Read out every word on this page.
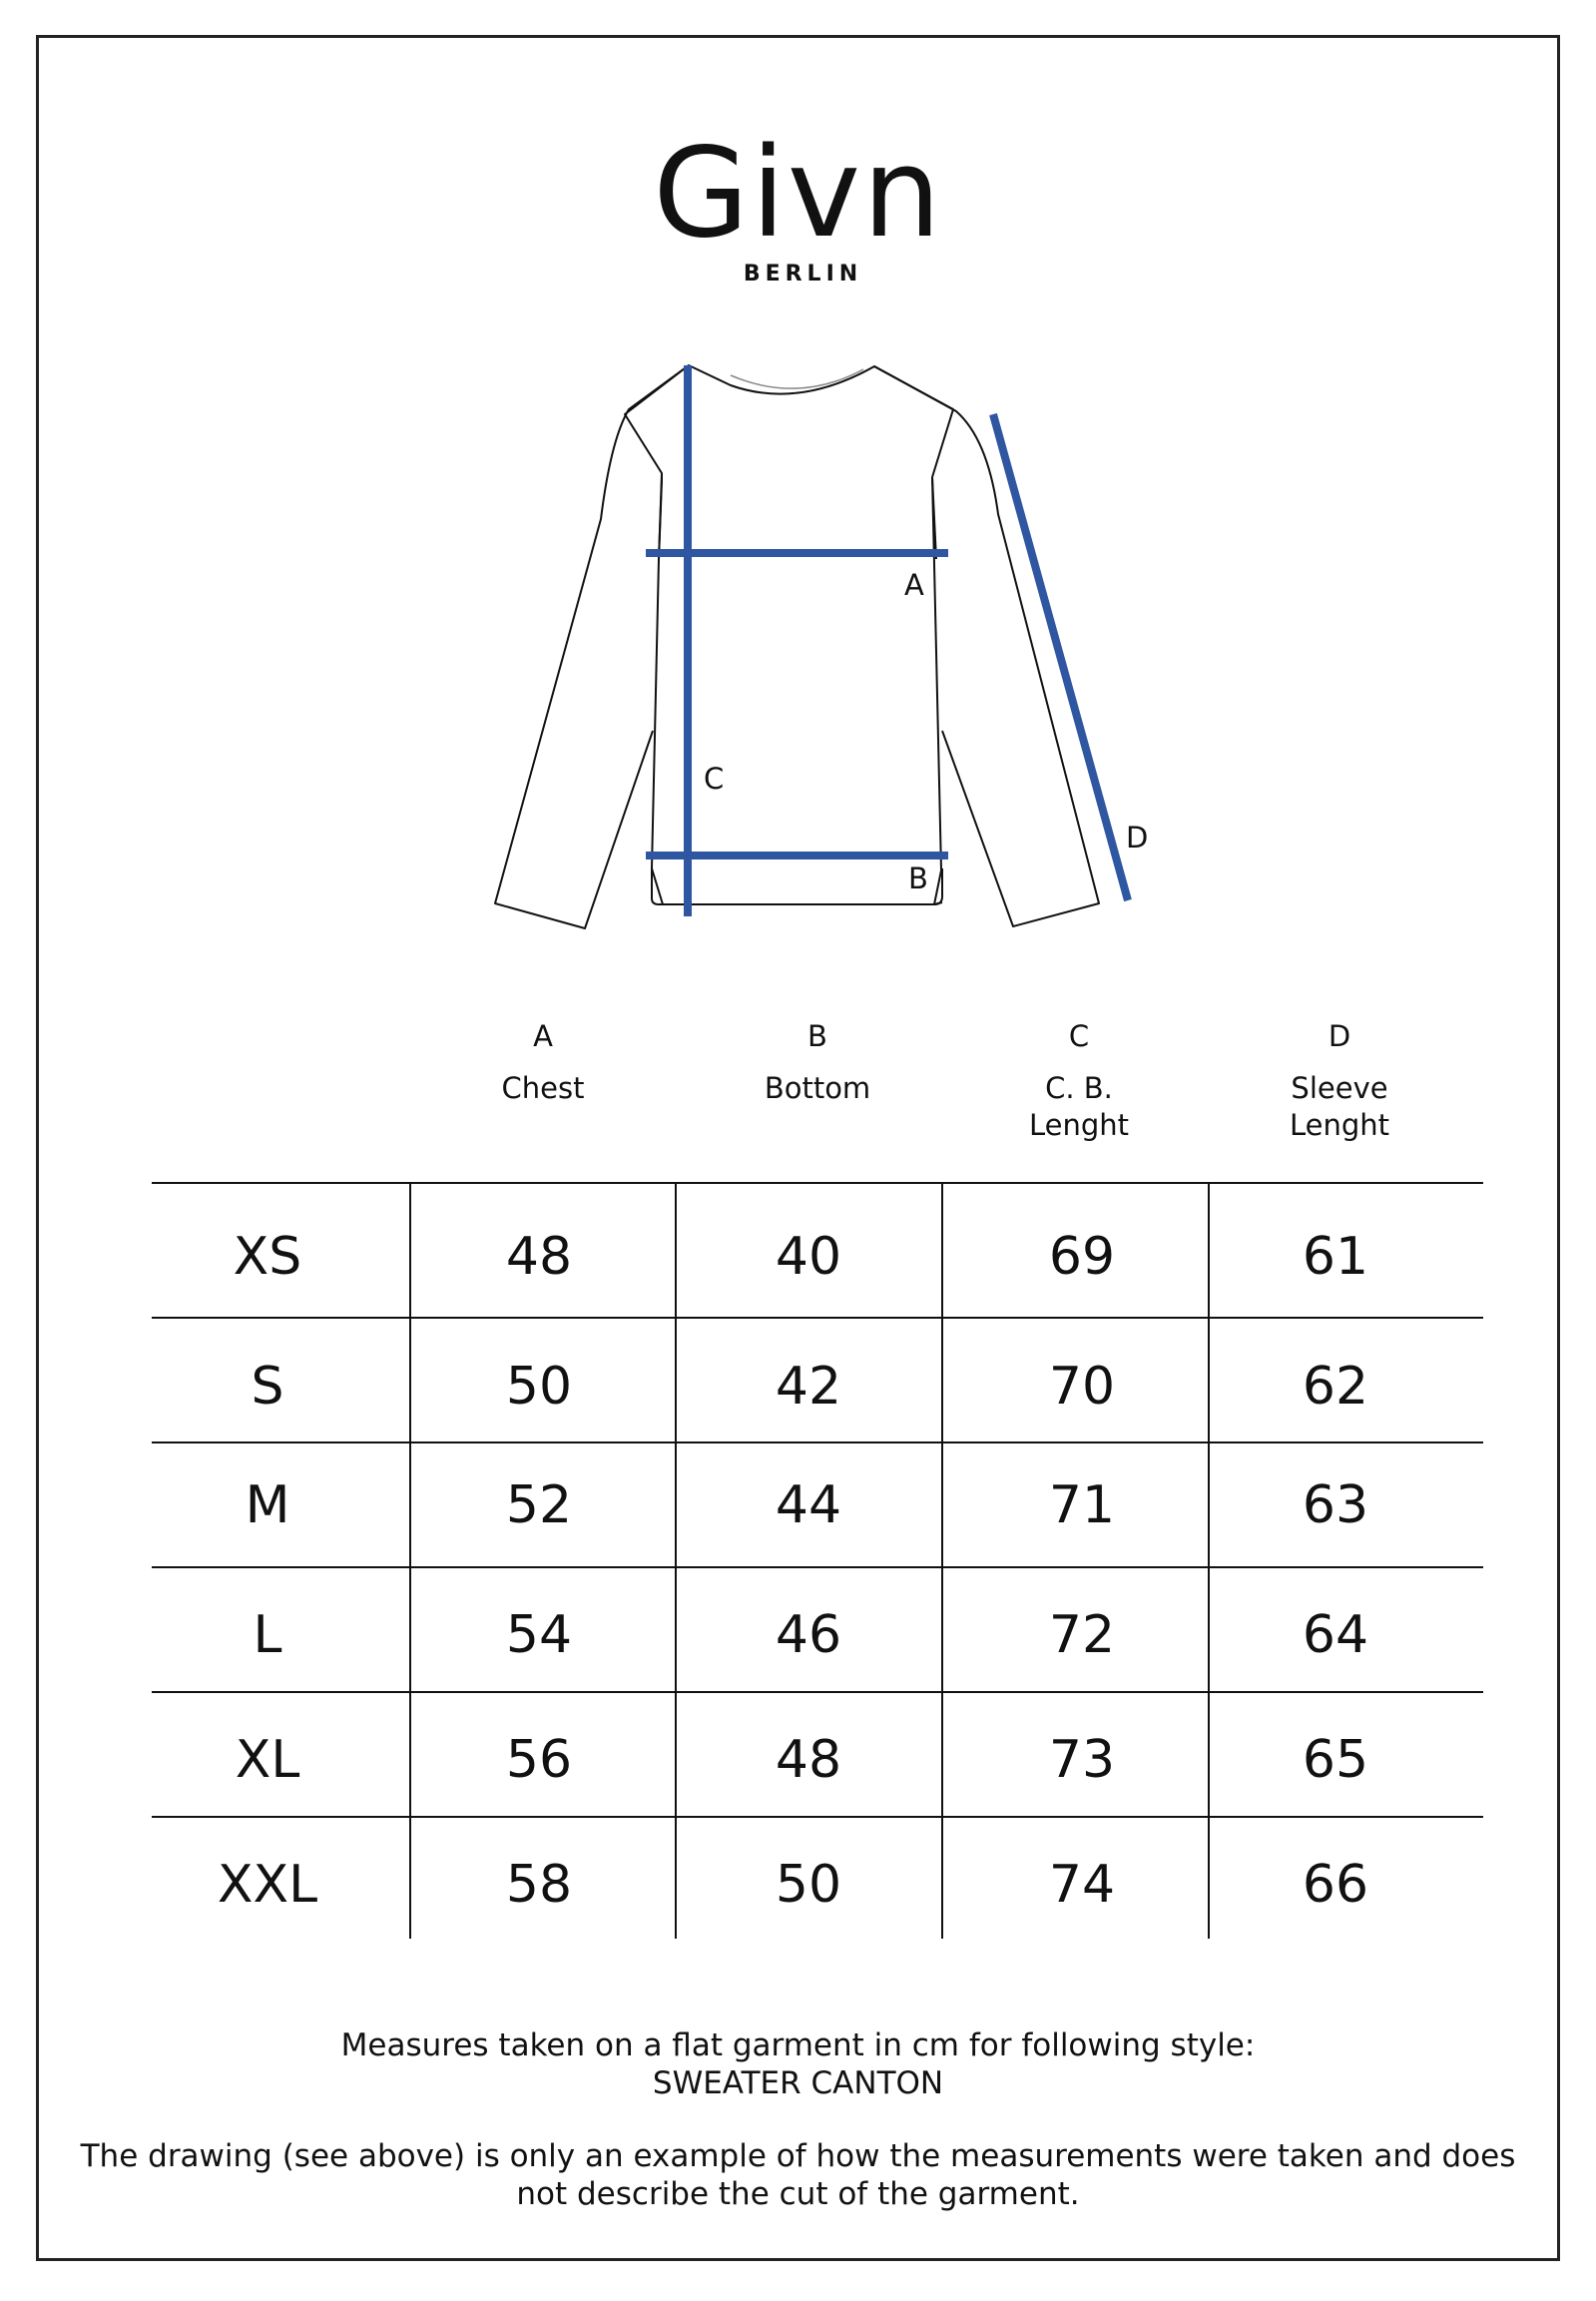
Givn
BERLIN
A
B
C
D
A
Chest
B
Bottom
C
C. B.
Lenght
D
Sleeve
Lenght
XS	48	40	69	61
S	50	42	70	62
M	52	44	71	63
L	54	46	72	64
XL	56	48	73	65
XXL	58	50	74	66
Measures taken on a flat garment in cm for following style:
SWEATER CANTON
The drawing (see above) is only an example of how the measurements were taken and does
not describe the cut of the garment.
